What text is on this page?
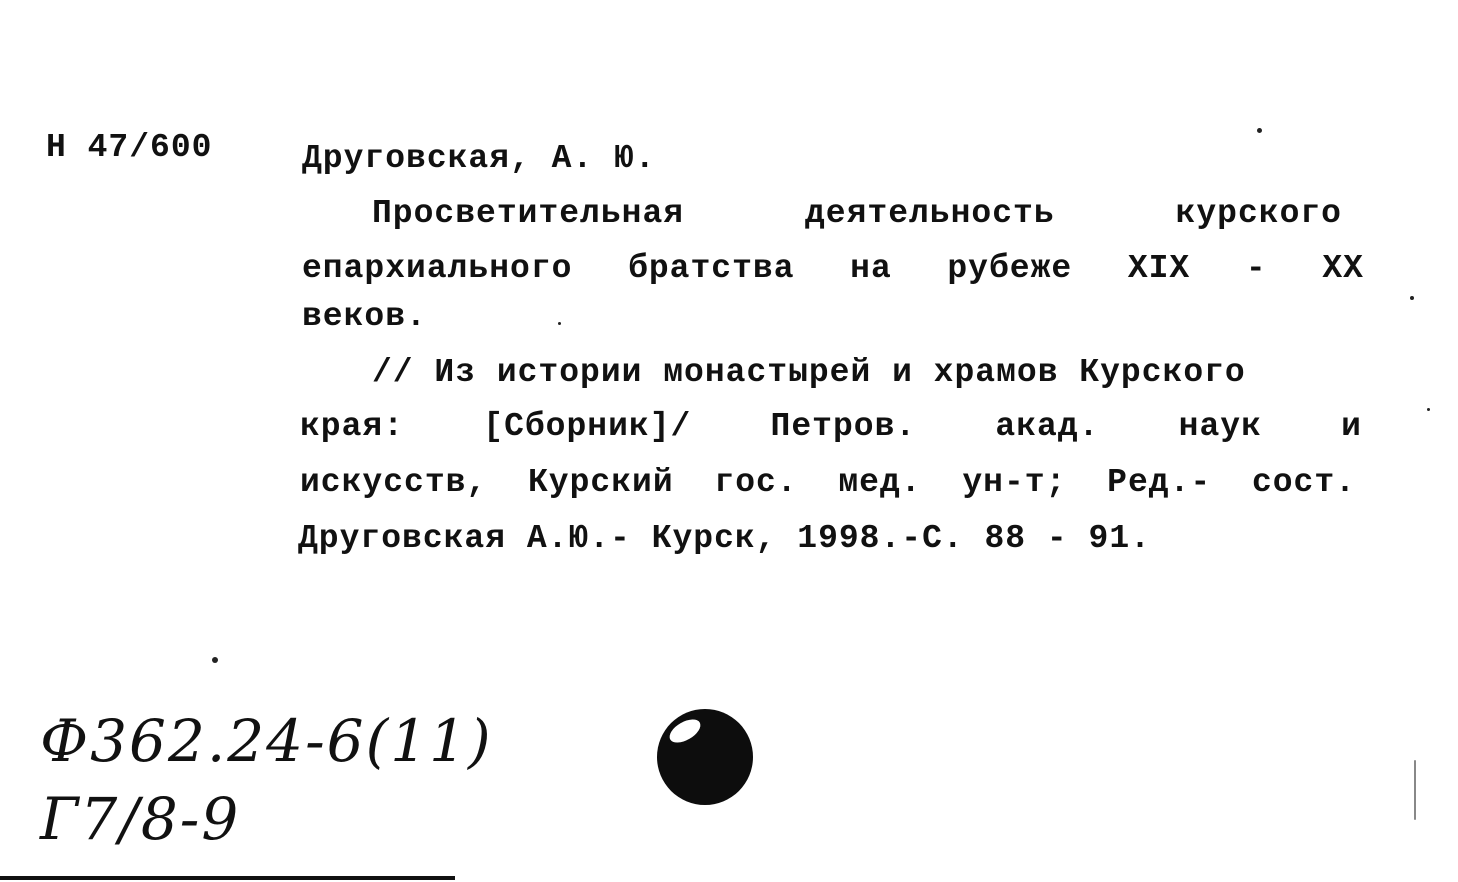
Н 47/600	Друговская, А. Ю.
Просветительная	деятельность	курского
епархиального братства на рубеже XIX - XX
веков.
// Из истории монастырей и храмов Курского
края: [Сборник]/ Петров. акад. наук и
искусств, Курский гос. мед. ун-т; Ред.- сост.
Друговская А.Ю.- Курск, 1998.-С. 88 - 91.
Ф362.24-6(11)
Г7/8-9
